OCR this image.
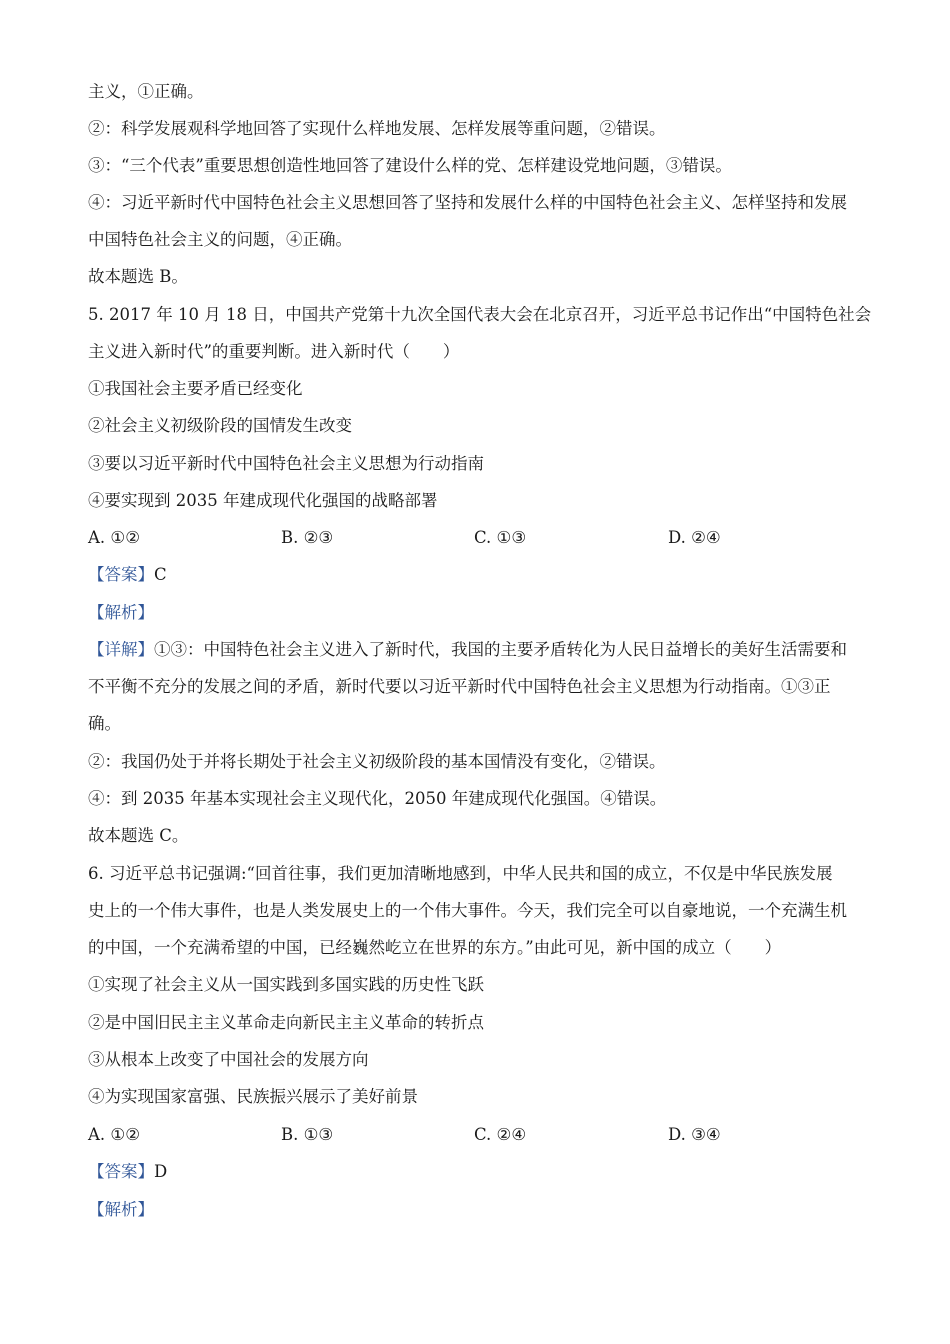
主义，①正确。
②：科学发展观科学地回答了实现什么样地发展、怎样发展等重问题，②错误。
③：“三个代表”重要思想创造性地回答了建设什么样的党、怎样建设党地问题，③错误。
④：习近平新时代中国特色社会主义思想回答了坚持和发展什么样的中国特色社会主义、怎样坚持和发展
中国特色社会主义的问题，④正确。
故本题选 B。
5. 2017 年 10 月 18 日，中国共产党第十九次全国代表大会在北京召开，习近平总书记作出“中国特色社会
主义进入新时代”的重要判断。进入新时代（　　）
①我国社会主要矛盾已经变化
②社会主义初级阶段的国情发生改变
③要以习近平新时代中国特色社会主义思想为行动指南
④要实现到 2035 年建成现代化强国的战略部署
A. ①②	B. ②③	C. ①③	D. ②④
【答案】C
【解析】
【详解】①③：中国特色社会主义进入了新时代，我国的主要矛盾转化为人民日益增长的美好生活需要和
不平衡不充分的发展之间的矛盾，新时代要以习近平新时代中国特色社会主义思想为行动指南。①③正
确。
②：我国仍处于并将长期处于社会主义初级阶段的基本国情没有变化，②错误。
④：到 2035 年基本实现社会主义现代化，2050 年建成现代化强国。④错误。
故本题选 C。
6. 习近平总书记强调:“回首往事，我们更加清晰地感到，中华人民共和国的成立，不仅是中华民族发展
史上的一个伟大事件，也是人类发展史上的一个伟大事件。今天，我们完全可以自豪地说，一个充满生机
的中国，一个充满希望的中国，已经巍然屹立在世界的东方。”由此可见，新中国的成立（　　）
①实现了社会主义从一国实践到多国实践的历史性飞跃
②是中国旧民主主义革命走向新民主主义革命的转折点
③从根本上改变了中国社会的发展方向
④为实现国家富强、民族振兴展示了美好前景
A. ①②	B. ①③	C. ②④	D. ③④
【答案】D
【解析】
